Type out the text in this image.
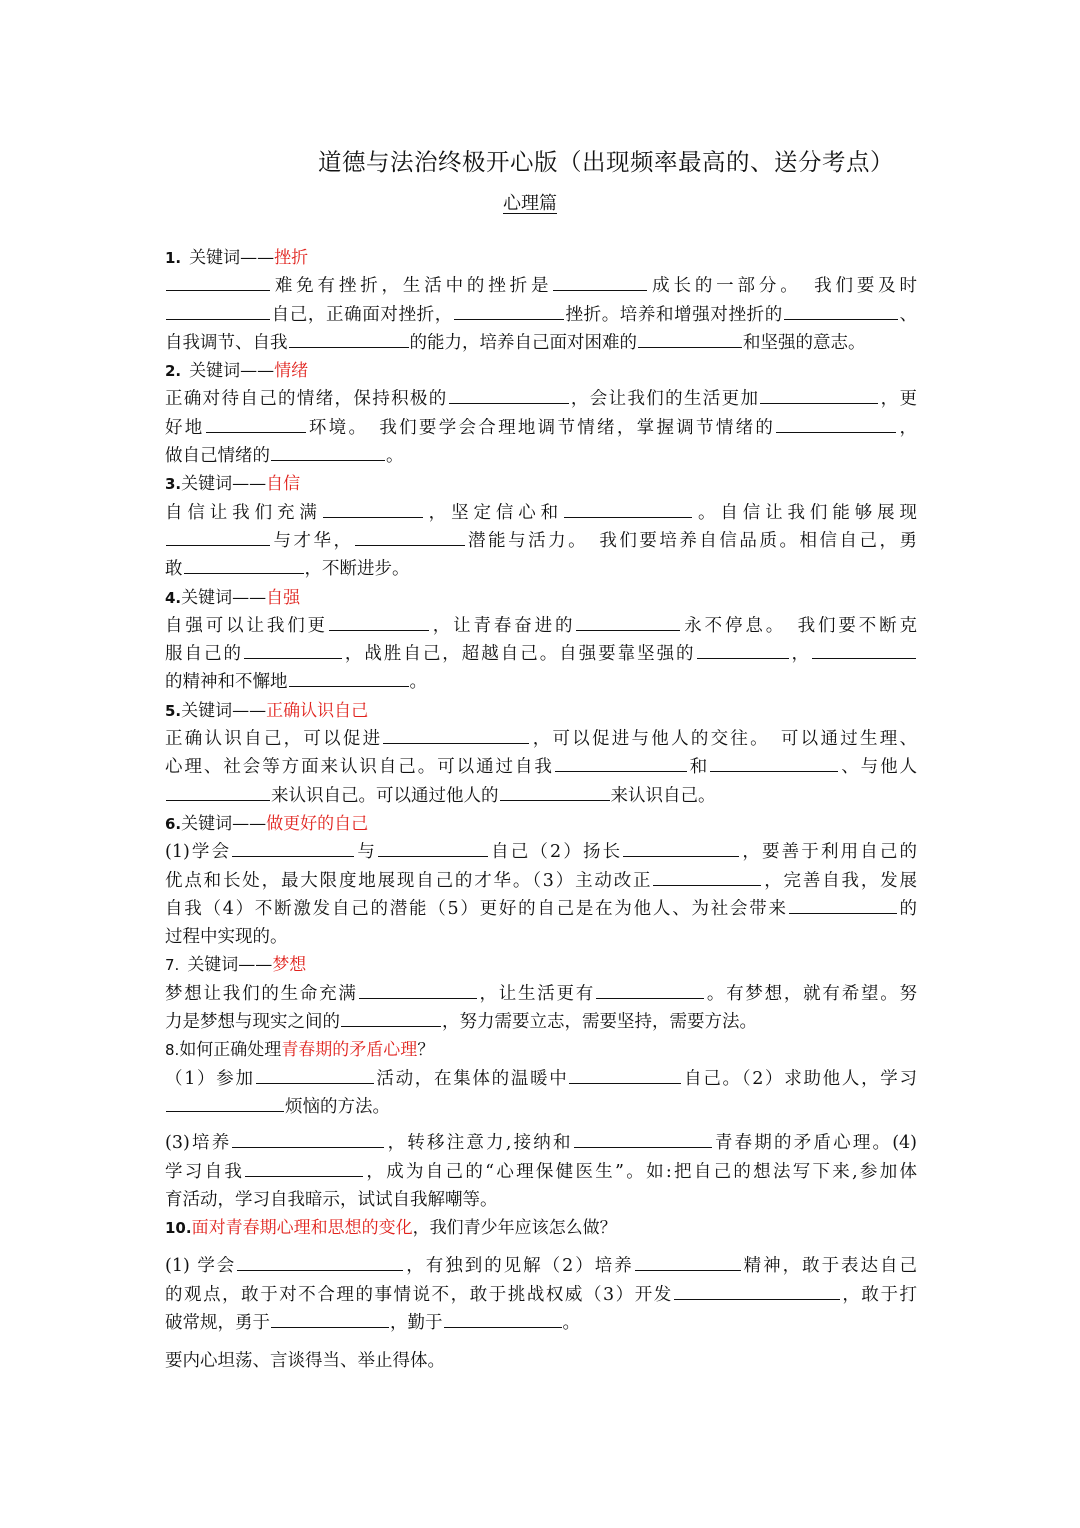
道德与法治终极开心版（出现频率最高的、送分考点）
心理篇
1. 关键词——挫折
难免有挫折，生活中的挫折是	成长的一部分。　我们要及时
自己，正确面对挫折，	挫折。培养和增强对挫折的	、
自我调节、自我	的能力，培养自己面对困难的	和坚强的意志。
2. 关键词——情绪
正确对待自己的情绪，保持积极的	，会让我们的生活更加	，更
好地	环境。　我们要学会合理地调节情绪，掌握调节情绪的	，
做自己情绪的	。
3.关键词——自信
自信让我们充满	，坚定信心和	。自信让我们能够展现
与才华，	潜能与活力。　我们要培养自信品质。相信自己，勇
敢	，不断进步。
4.关键词——自强
自强可以让我们更	，让青春奋进的	永不停息。　我们要不断克
服自己的	，战胜自己，超越自己。自强要靠坚强的	，
的精神和不懈地	。
5.关键词——正确认识自己
正确认识自己，可以促进	，可以促进与他人的交往。　可以通过生理、
心理、社会等方面来认识自己。可以通过自我	和	、与他人
来认识自己。可以通过他人的	来认识自己。
6.关键词——做更好的自己
(1)学会	与	自己（2）扬长	，要善于利用自己的
优点和长处，最大限度地展现自己的才华。（3）主动改正	，完善自我，发展
自我（4）不断激发自己的潜能（5）更好的自己是在为他人、为社会带来	的
过程中实现的。
7. 关键词——梦想
梦想让我们的生命充满	，让生活更有	。有梦想，就有希望。努
力是梦想与现实之间的	，努力需要立志，需要坚持，需要方法。
8.如何正确处理青春期的矛盾心理？
（1）参加	活动，在集体的温暖中	自己。（2）求助他人，学习
烦恼的方法。
(3)培养	，转移注意力,接纳和	青春期的矛盾心理。(4)
学习自我	，成为自己的“心理保健医生”。如:把自己的想法写下来,参加体
育活动，学习自我暗示，试试自我解嘲等。
10.面对青春期心理和思想的变化，我们青少年应该怎么做？
(1) 学会	，有独到的见解（2）培养	精神，敢于表达自己
的观点，敢于对不合理的事情说不，敢于挑战权威（3）开发	，敢于打
破常规，勇于	，勤于	。
要内心坦荡、言谈得当、举止得体。
